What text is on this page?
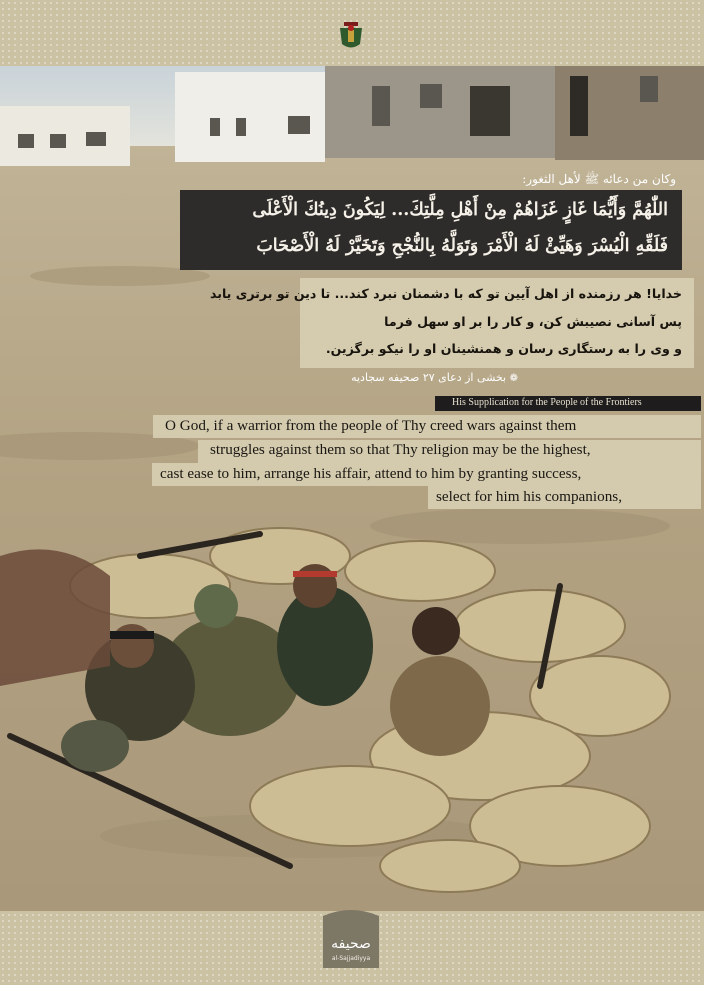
وكان من دعائه ﷺ لأهل الثغور:
اللّٰهُمَّ وَأَيُّمَا غَازٍ غَزَاهُمْ مِنْ أَهْلِ مِلَّتِكَ... لِيَكُونَ دِينُكَ الْأَعْلَى
فَلَقِّهِ الْيُسْرَ وَهَيِّئْ لَهُ الْأَمْرَ وَتَوَلَّهُ بِالنُّجْحِ وَتَخَيَّرْ لَهُ الْأَصْحَابَ
خدایا! هر رزمنده از اهل آیین تو که با دشمنان نبرد کند... تا دین تو برتری یابد
پس آسانی نصیبش کن، و کار را بر او سهل فرما
و وی را به رستگاری رسان و همنشینان او را نیکو برگزین.
❁ بخشی از دعای ۲۷ صحیفه سجادیه
His Supplication for the People of the Frontiers
O God, if a warrior from the people of Thy creed wars against them
struggles against them so that Thy religion may be the highest,
cast ease to him, arrange his affair, attend to him by granting success,
select for him his companions,
صحیفه
al-Sajjadiyya
